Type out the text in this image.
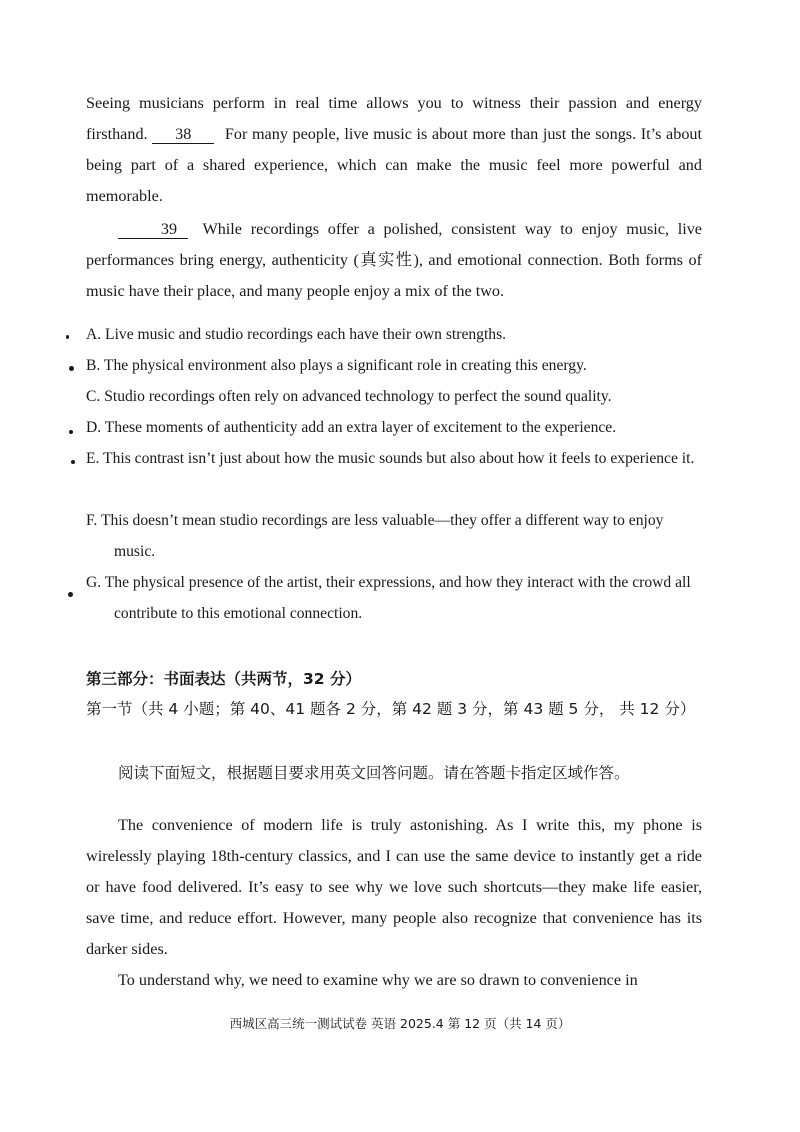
Seeing musicians perform in real time allows you to witness their passion and energy firsthand. 38 For many people, live music is about more than just the songs. It’s about being part of a shared experience, which can make the music feel more powerful and memorable.
39 While recordings offer a polished, consistent way to enjoy music, live performances bring energy, authenticity (真实性), and emotional connection. Both forms of music have their place, and many people enjoy a mix of the two.
A. Live music and studio recordings each have their own strengths.
B. The physical environment also plays a significant role in creating this energy.
C. Studio recordings often rely on advanced technology to perfect the sound quality.
D. These moments of authenticity add an extra layer of excitement to the experience.
E. This contrast isn’t just about how the music sounds but also about how it feels to experience it.
F. This doesn’t mean studio recordings are less valuable—they offer a different way to enjoy music.
G. The physical presence of the artist, their expressions, and how they interact with the crowd all contribute to this emotional connection.
第三部分：书面表达（共两节，32 分）
第一节（共 4 小题；第 40、41 题各 2 分，第 42 题 3 分，第 43 题 5 分， 共 12 分）
阅读下面短文，根据题目要求用英文回答问题。请在答题卡指定区域作答。
The convenience of modern life is truly astonishing. As I write this, my phone is wirelessly playing 18th-century classics, and I can use the same device to instantly get a ride or have food delivered. It’s easy to see why we love such shortcuts—they make life easier, save time, and reduce effort. However, many people also recognize that convenience has its darker sides.
To understand why, we need to examine why we are so drawn to convenience in
西城区高三统一测试试卷 英语 2025.4 第 12 页（共 14 页）
